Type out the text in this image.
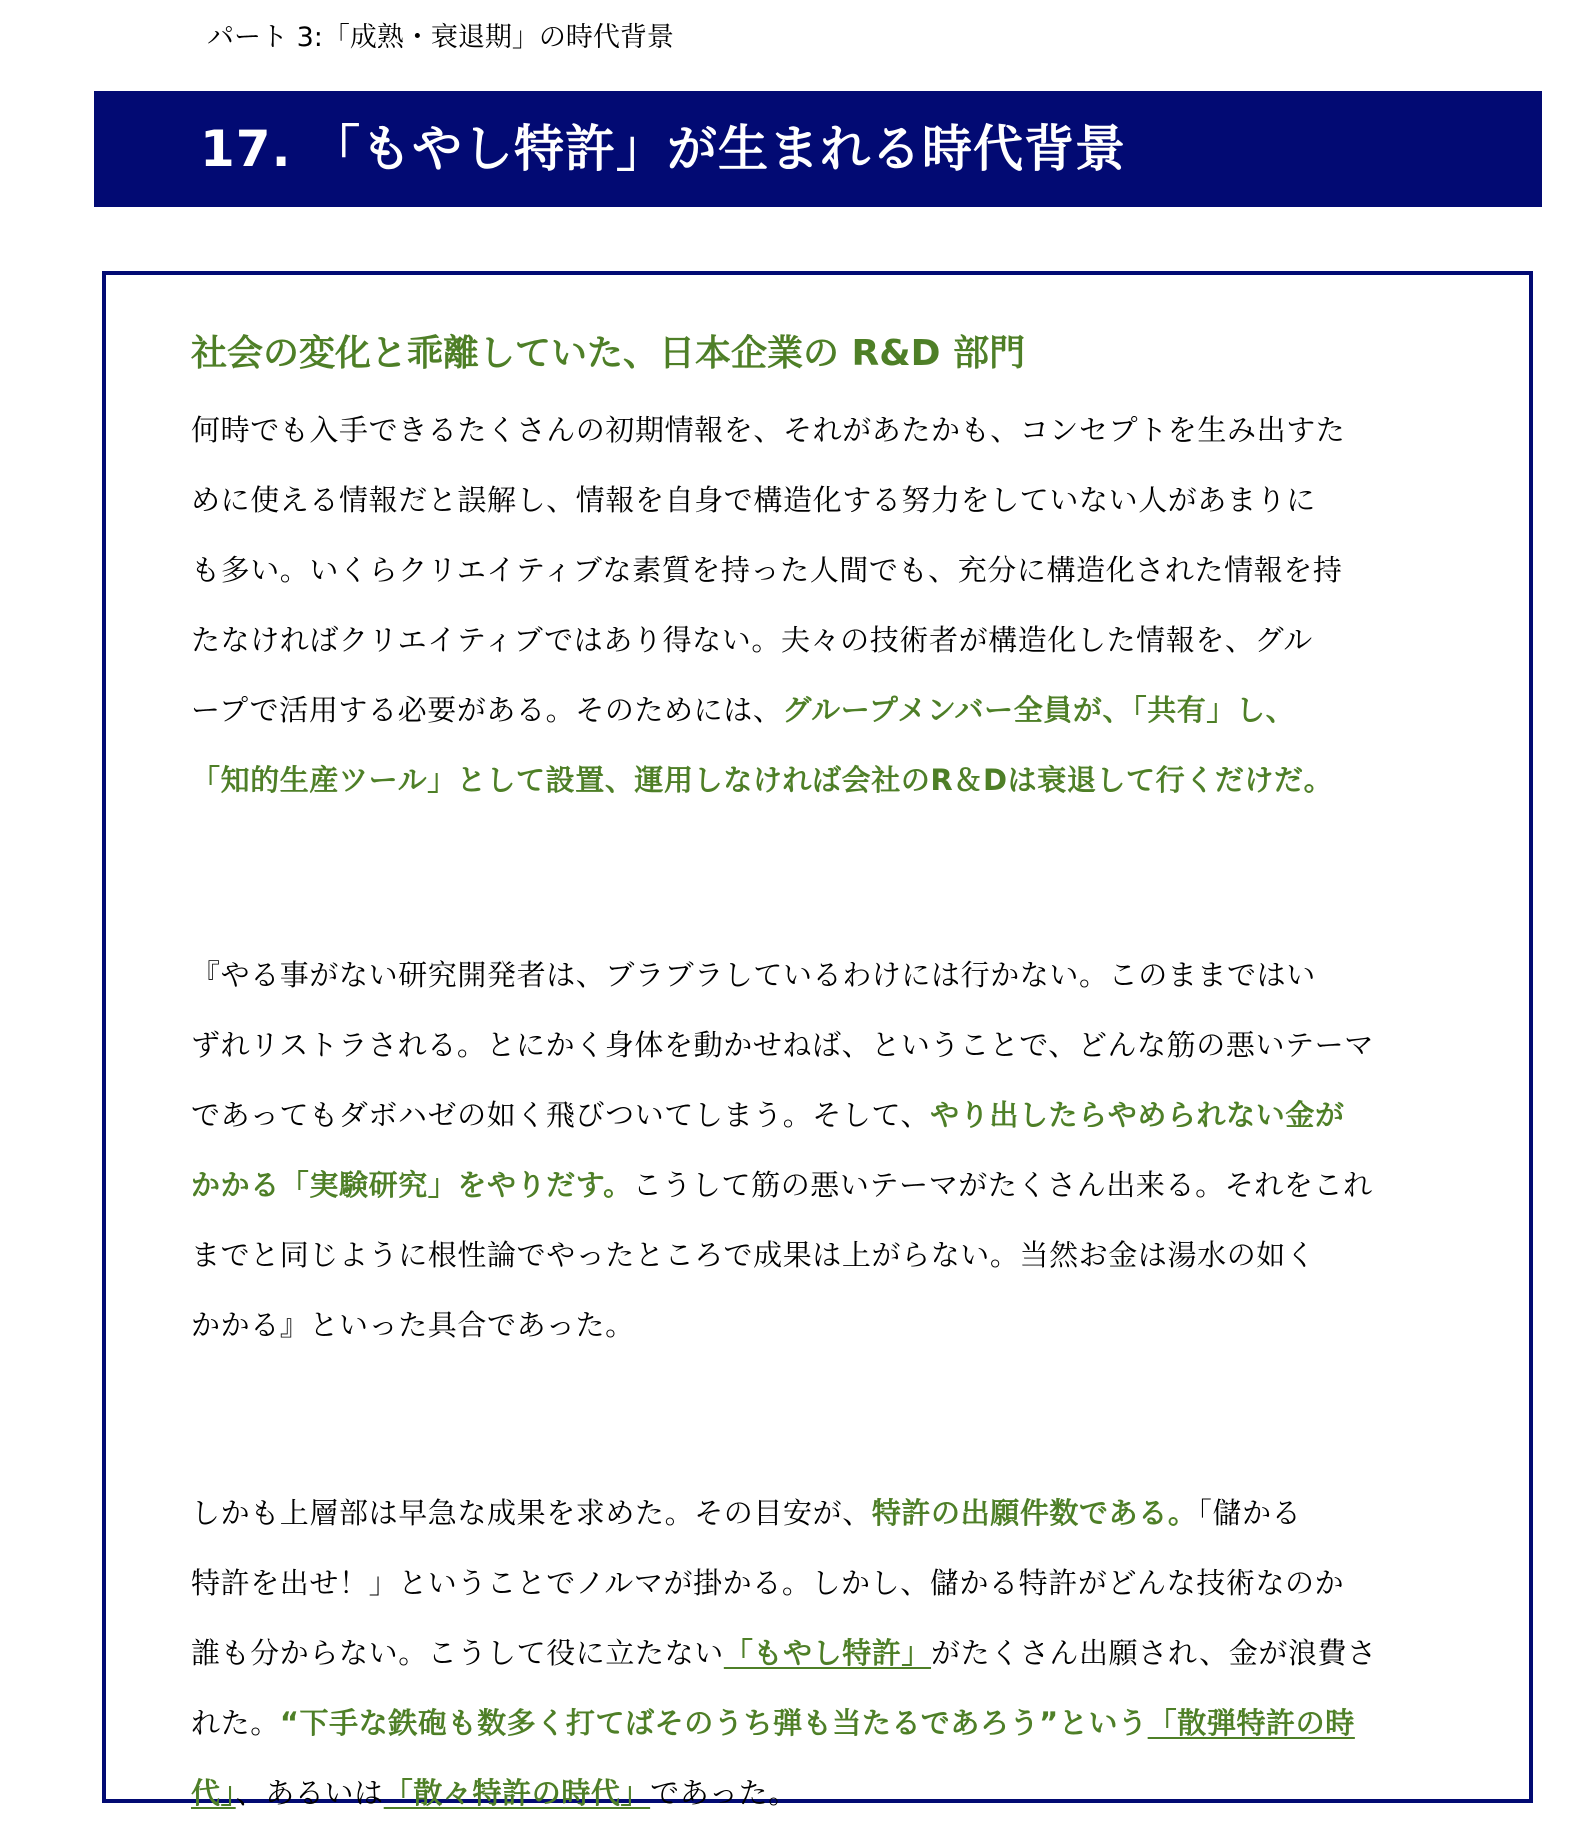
パート 3:「成熟・衰退期」の時代背景
17. 「もやし特許」が生まれる時代背景
社会の変化と乖離していた、日本企業の R&D 部門
何時でも入手できるたくさんの初期情報を、それがあたかも、コンセプトを生み出すた
めに使える情報だと誤解し、情報を自身で構造化する努力をしていない人があまりに
も多い。いくらクリエイティブな素質を持った人間でも、充分に構造化された情報を持
たなければクリエイティブではあり得ない。夫々の技術者が構造化した情報を、グル
ープで活用する必要がある。そのためには、グループメンバー全員が、「共有」し、
「知的生産ツール」として設置、運用しなければ会社のR＆Dは衰退して行くだけだ。
『やる事がない研究開発者は、ブラブラしているわけには行かない。このままではい
ずれリストラされる。とにかく身体を動かせねば、ということで、どんな筋の悪いテーマ
であってもダボハゼの如く飛びついてしまう。そして、やり出したらやめられない金が
かかる「実験研究」をやりだす。こうして筋の悪いテーマがたくさん出来る。それをこれ
までと同じように根性論でやったところで成果は上がらない。当然お金は湯水の如く
かかる』といった具合であった。
しかも上層部は早急な成果を求めた。その目安が、特許の出願件数である。「儲かる
特許を出せ！」ということでノルマが掛かる。しかし、儲かる特許がどんな技術なのか
誰も分からない。こうして役に立たない「もやし特許」がたくさん出願され、金が浪費さ
れた。“下手な鉄砲も数多く打てばそのうち弾も当たるであろう”という「散弾特許の時
代」、あるいは「散々特許の時代」であった。
